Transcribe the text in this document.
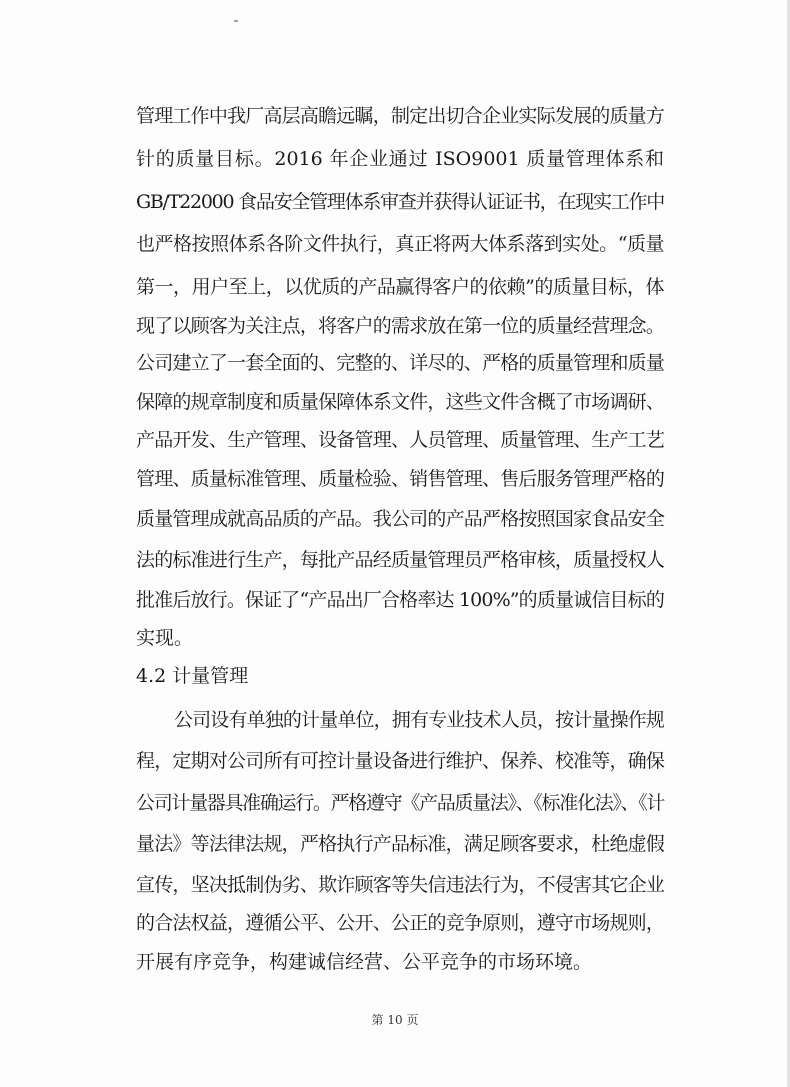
管理工作中我厂高层高瞻远瞩，制定出切合企业实际发展的质量方
针的质量目标。2016 年企业通过 ISO9001 质量管理体系和
GB/T22000 食品安全管理体系审查并获得认证证书，在现实工作中
也严格按照体系各阶文件执行，真正将两大体系落到实处。“质量
第一，用户至上，以优质的产品赢得客户的依赖”的质量目标，体
现了以顾客为关注点，将客户的需求放在第一位的质量经营理念。
公司建立了一套全面的、完整的、详尽的、严格的质量管理和质量
保障的规章制度和质量保障体系文件，这些文件含概了市场调研、
产品开发、生产管理、设备管理、人员管理、质量管理、生产工艺
管理、质量标准管理、质量检验、销售管理、售后服务管理严格的
质量管理成就高品质的产品。我公司的产品严格按照国家食品安全
法的标准进行生产，每批产品经质量管理员严格审核，质量授权人
批准后放行。保证了“产品出厂合格率达 100%”的质量诚信目标的
实现。
4.2 计量管理
公司设有单独的计量单位，拥有专业技术人员，按计量操作规
程，定期对公司所有可控计量设备进行维护、保养、校准等，确保
公司计量器具准确运行。严格遵守《产品质量法》、《标准化法》、《计
量法》等法律法规，严格执行产品标准，满足顾客要求，杜绝虚假
宣传，坚决抵制伪劣、欺诈顾客等失信违法行为，不侵害其它企业
的合法权益，遵循公平、公开、公正的竞争原则，遵守市场规则，
开展有序竞争，构建诚信经营、公平竞争的市场环境。
第 10 页
